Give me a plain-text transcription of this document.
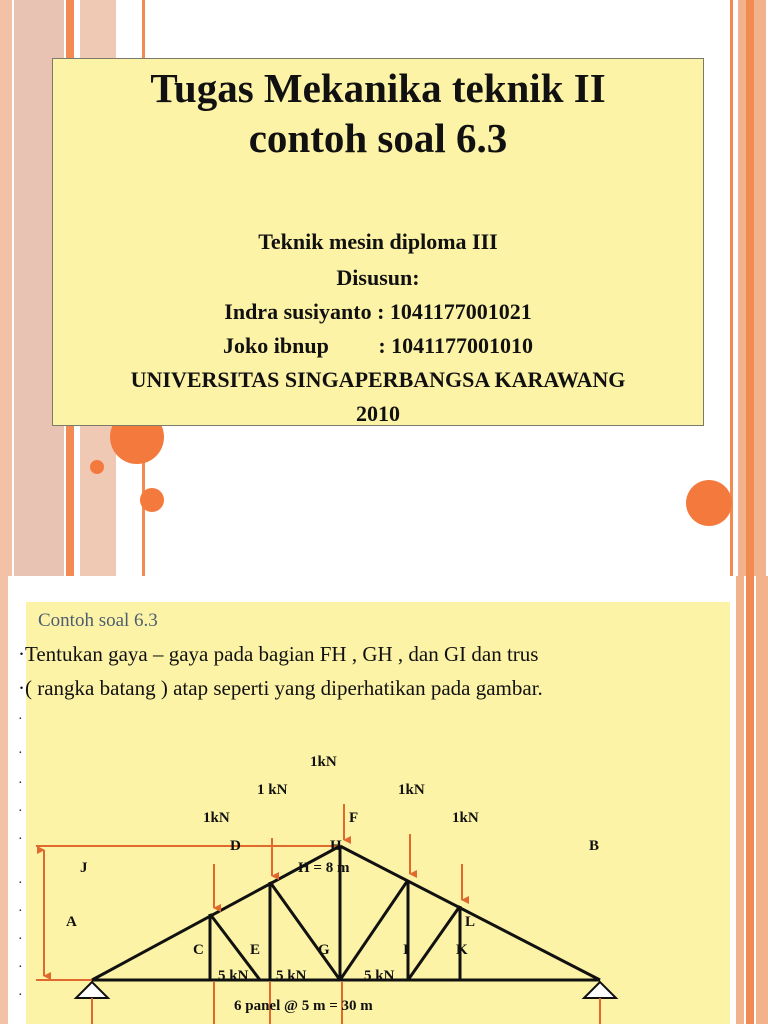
Tugas Mekanika teknik II
contoh soal 6.3
Teknik mesin diploma III
Disusun:
Indra susiyanto : 1041177001021
Joko ibnup         : 1041177001010
UNIVERSITAS SINGAPERBANGSA KARAWANG
2010
Contoh soal 6.3
·Tentukan gaya – gaya pada bagian FH , GH , dan GI dan trus
·( rangka batang ) atap seperti yang diperhatikan pada gambar.
·
·
·
·
·
·
·
·
·
·
1kN
1 kN	1kN
1kN	1kN
D	H
F
B
J
A
C	E	G	I	K
L
H = 8 m
5 kN 5 kN	5 kN
6 panel @ 5 m = 30 m
